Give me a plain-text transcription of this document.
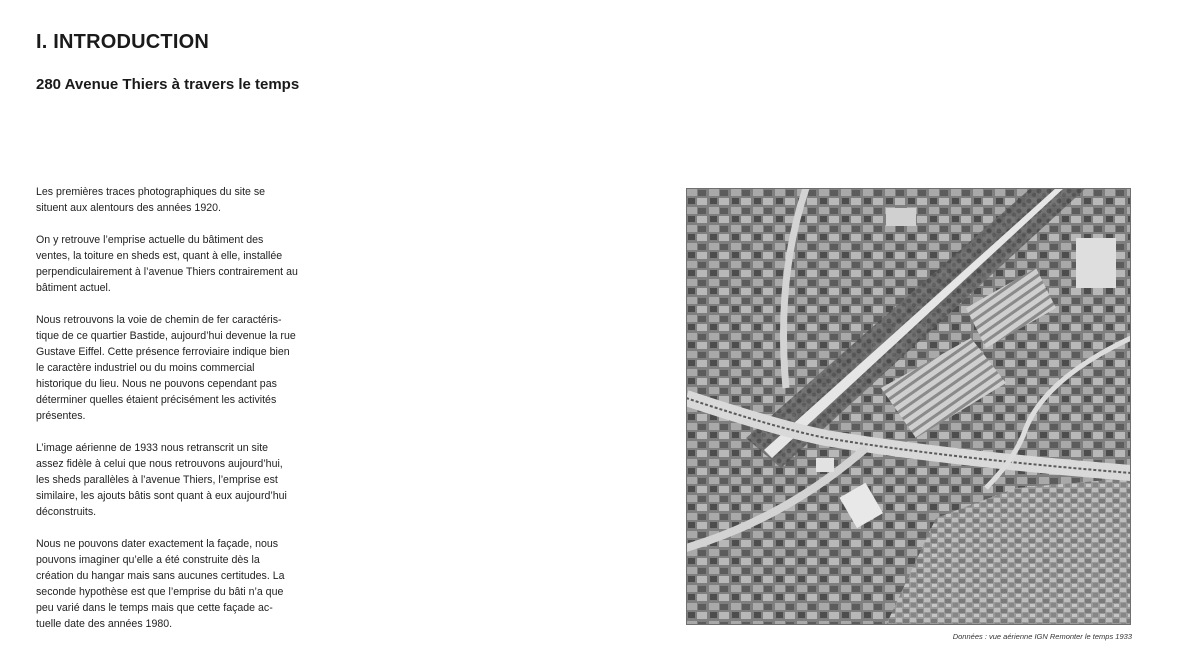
I. INTRODUCTION
280 Avenue Thiers à travers le temps

Les premières traces photographiques du site se situent aux alentours des années 1920.

On y retrouve l’emprise actuelle du bâtiment des ventes, la toiture en sheds est, quant à elle, installée perpendiculairement à l’avenue Thiers contrairement au bâtiment actuel.

Nous retrouvons la voie de chemin de fer caractéris-tique de ce quartier Bastide, aujourd’hui devenue la rue Gustave Eiffel. Cette présence ferroviaire indique bien le caractère industriel ou du moins commercial historique du lieu. Nous ne pouvons cependant pas déterminer quelles étaient précisément les activités présentes.

L’image aérienne de 1933 nous retranscrit un site assez fidèle à celui que nous retrouvons aujourd’hui, les sheds parallèles à l’avenue Thiers, l’emprise est similaire, les ajouts bâtis sont quant à eux aujourd’hui déconstruits.

Nous ne pouvons dater exactement la façade, nous pouvons imaginer qu’elle a été construite dès la création du hangar mais sans aucunes certitudes. La seconde hypothèse est que l’emprise du bâti n’a que peu varié dans le temps mais que cette façade ac-tuelle date des années 1980.

Données : vue aérienne IGN Remonter le temps 1933
